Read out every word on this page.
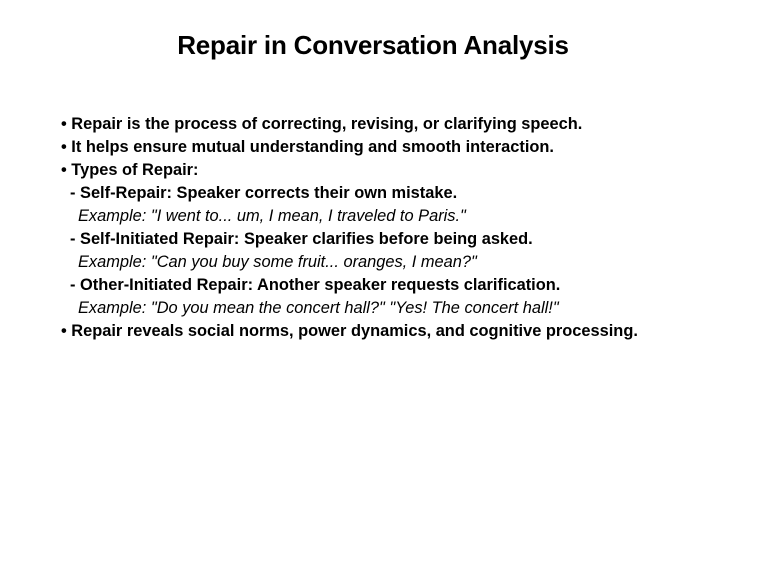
Repair in Conversation Analysis
• Repair is the process of correcting, revising, or clarifying speech.
• It helps ensure mutual understanding and smooth interaction.
• Types of Repair:
- Self-Repair: Speaker corrects their own mistake.
Example: "I went to... um, I mean, I traveled to Paris."
- Self-Initiated Repair: Speaker clarifies before being asked.
Example: "Can you buy some fruit... oranges, I mean?"
- Other-Initiated Repair: Another speaker requests clarification.
Example: "Do you mean the concert hall?" "Yes! The concert hall!"
• Repair reveals social norms, power dynamics, and cognitive processing.
